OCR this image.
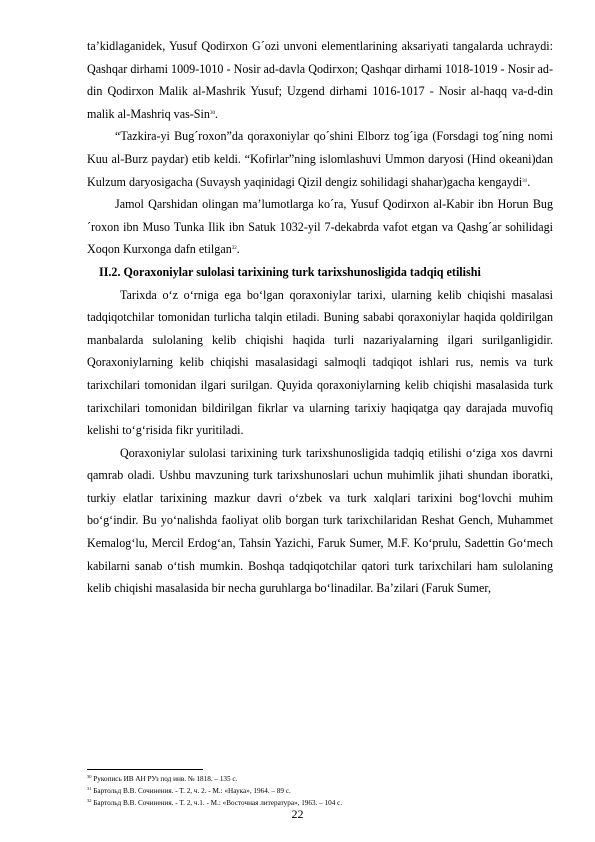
ta’kidlaganidek, Yusuf Qodirxon G´ozi unvoni elementlarining aksariyati tangalarda uchraydi: Qashqar dirhami 1009-1010 - Nosir ad-davla Qodirxon; Qashqar dirhami 1018-1019 - Nosir ad-din Qodirxon Malik al-Mashrik Yusuf; Uzgend dirhami 1016-1017 - Nosir al-haqq va-d-din malik al-Mashriq vas-Sin$^{30}$.

“Tazkira-yi Bug´roxon”da qoraxoniylar qo´shini Elborz tog´iga (Forsdagi tog´ning nomi Kuu al-Burz paydar) etib keldi. “Kofirlar”ning islomlashuvi Ummon daryosi (Hind okeani)dan Kulzum daryosigacha (Suvaysh yaqinidagi Qizil dengiz sohilidagi shahar)gacha kengaydi$^{31}$.

Jamol Qarshidan olingan ma’lumotlarga ko´ra, Yusuf Qodirxon al-Kabir ibn Horun Bug´roxon ibn Muso Tunka Ilik ibn Satuk 1032-yil 7-dekabrda vafot etgan va Qashg´ar sohilidagi Xoqon Kurxonga dafn etilgan$^{32}$.

II.2. Qoraxoniylar sulolasi tarixining turk tarixshunosligida tadqiq etilishi

Tarixda o‘z o‘rniga ega bo‘lgan qoraxoniylar tarixi, ularning kelib chiqishi masalasi tadqiqotchilar tomonidan turlicha talqin etiladi. Buning sababi qoraxoniylar haqida qoldirilgan manbalarda sulolaning kelib chiqishi haqida turli nazariyalarning ilgari surilganligidir. Qoraxoniylarning kelib chiqishi masalasidagi salmoqli tadqiqot ishlari rus, nemis va turk tarixchilari tomonidan ilgari surilgan. Quyida qoraxoniylarning kelib chiqishi masalasida turk tarixchilari tomonidan bildirilgan fikrlar va ularning tarixiy haqiqatga qay darajada muvofiq kelishi to‘g‘risida fikr yuritiladi.

Qoraxoniylar sulolasi tarixining turk tarixshunosligida tadqiq etilishi o‘ziga xos davrni qamrab oladi. Ushbu mavzuning turk tarixshunoslari uchun muhimlik jihati shundan iboratki, turkiy elatlar tarixining mazkur davri o‘zbek va turk xalqlari tarixini bog‘lovchi muhim bo‘g‘indir. Bu yo‘nalishda faoliyat olib borgan turk tarixchilaridan Reshat Gench, Muhammet Kemalog‘lu, Mercil Erdog‘an, Tahsin Yazichi, Faruk Sumer, M.F. Ko‘prulu, Sadettin Go‘mech kabilarni sanab o‘tish mumkin. Boshqa tadqiqotchilar qatori turk tarixchilari ham sulolaning kelib chiqishi masalasida bir necha guruhlarga bo‘linadilar. Ba’zilari (Faruk Sumer,

$^{30}$ Рукопись ИВ АН РУз под инв. № 1818. – 135 с.

$^{31}$ Бартольд В.В. Сочинения. - Т. 2, ч. 2. - М.: «Наука», 1964. – 89 с.

$^{32}$ Бартольд В.В. Сочинения. - Т. 2, ч.1. - М.: «Восточная литература», 1963. – 104 с.

22
